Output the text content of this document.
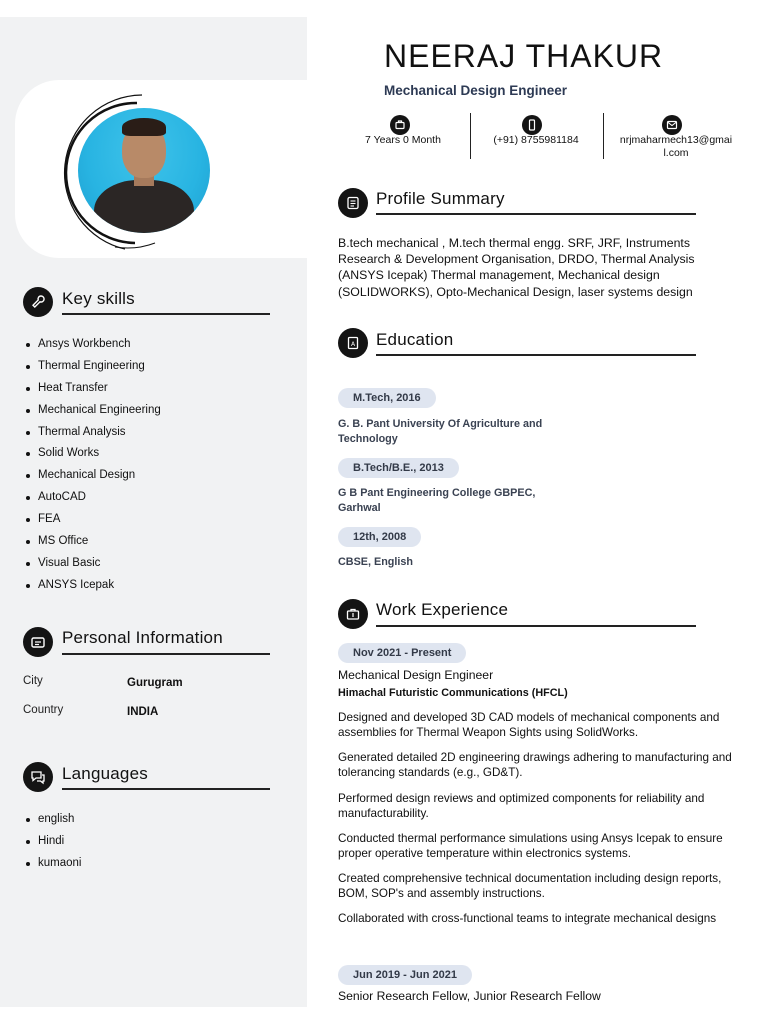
Key skills
Ansys Workbench
Thermal Engineering
Heat Transfer
Mechanical Engineering
Thermal Analysis
Solid Works
Mechanical Design
AutoCAD
FEA
MS Office
Visual Basic
ANSYS Icepak
Personal Information
City	Gurugram
Country	INDIA
Languages
english
Hindi
kumaoni
NEERAJ THAKUR
Mechanical Design Engineer
7 Years 0 Month	(+91) 8755981184	nrjmaharmech13@gmai
l.com
Profile Summary
B.tech mechanical , M.tech thermal engg. SRF, JRF, Instruments Research & Development Organisation, DRDO, Thermal Analysis (ANSYS Icepak) Thermal management, Mechanical design (SOLIDWORKS), Opto-Mechanical Design, laser systems design
A Education
M.Tech, 2016
G. B. Pant University Of Agriculture and Technology
B.Tech/B.E., 2013
G B Pant Engineering College GBPEC, Garhwal
12th, 2008
CBSE, English
Work Experience
Nov 2021 - Present
Mechanical Design Engineer
Himachal Futuristic Communications (HFCL)
Designed and developed 3D CAD models of mechanical components and assemblies for Thermal Weapon Sights using SolidWorks.
Generated detailed 2D engineering drawings adhering to manufacturing and tolerancing standards (e.g., GD&T).
Performed design reviews and optimized components for reliability and manufacturability.
Conducted thermal performance simulations using Ansys Icepak to ensure proper operative temperature within electronics systems.
Created comprehensive technical documentation including design reports, BOM, SOP's and assembly instructions.
Collaborated with cross-functional teams to integrate mechanical designs
Jun 2019 - Jun 2021
Senior Research Fellow, Junior Research Fellow
